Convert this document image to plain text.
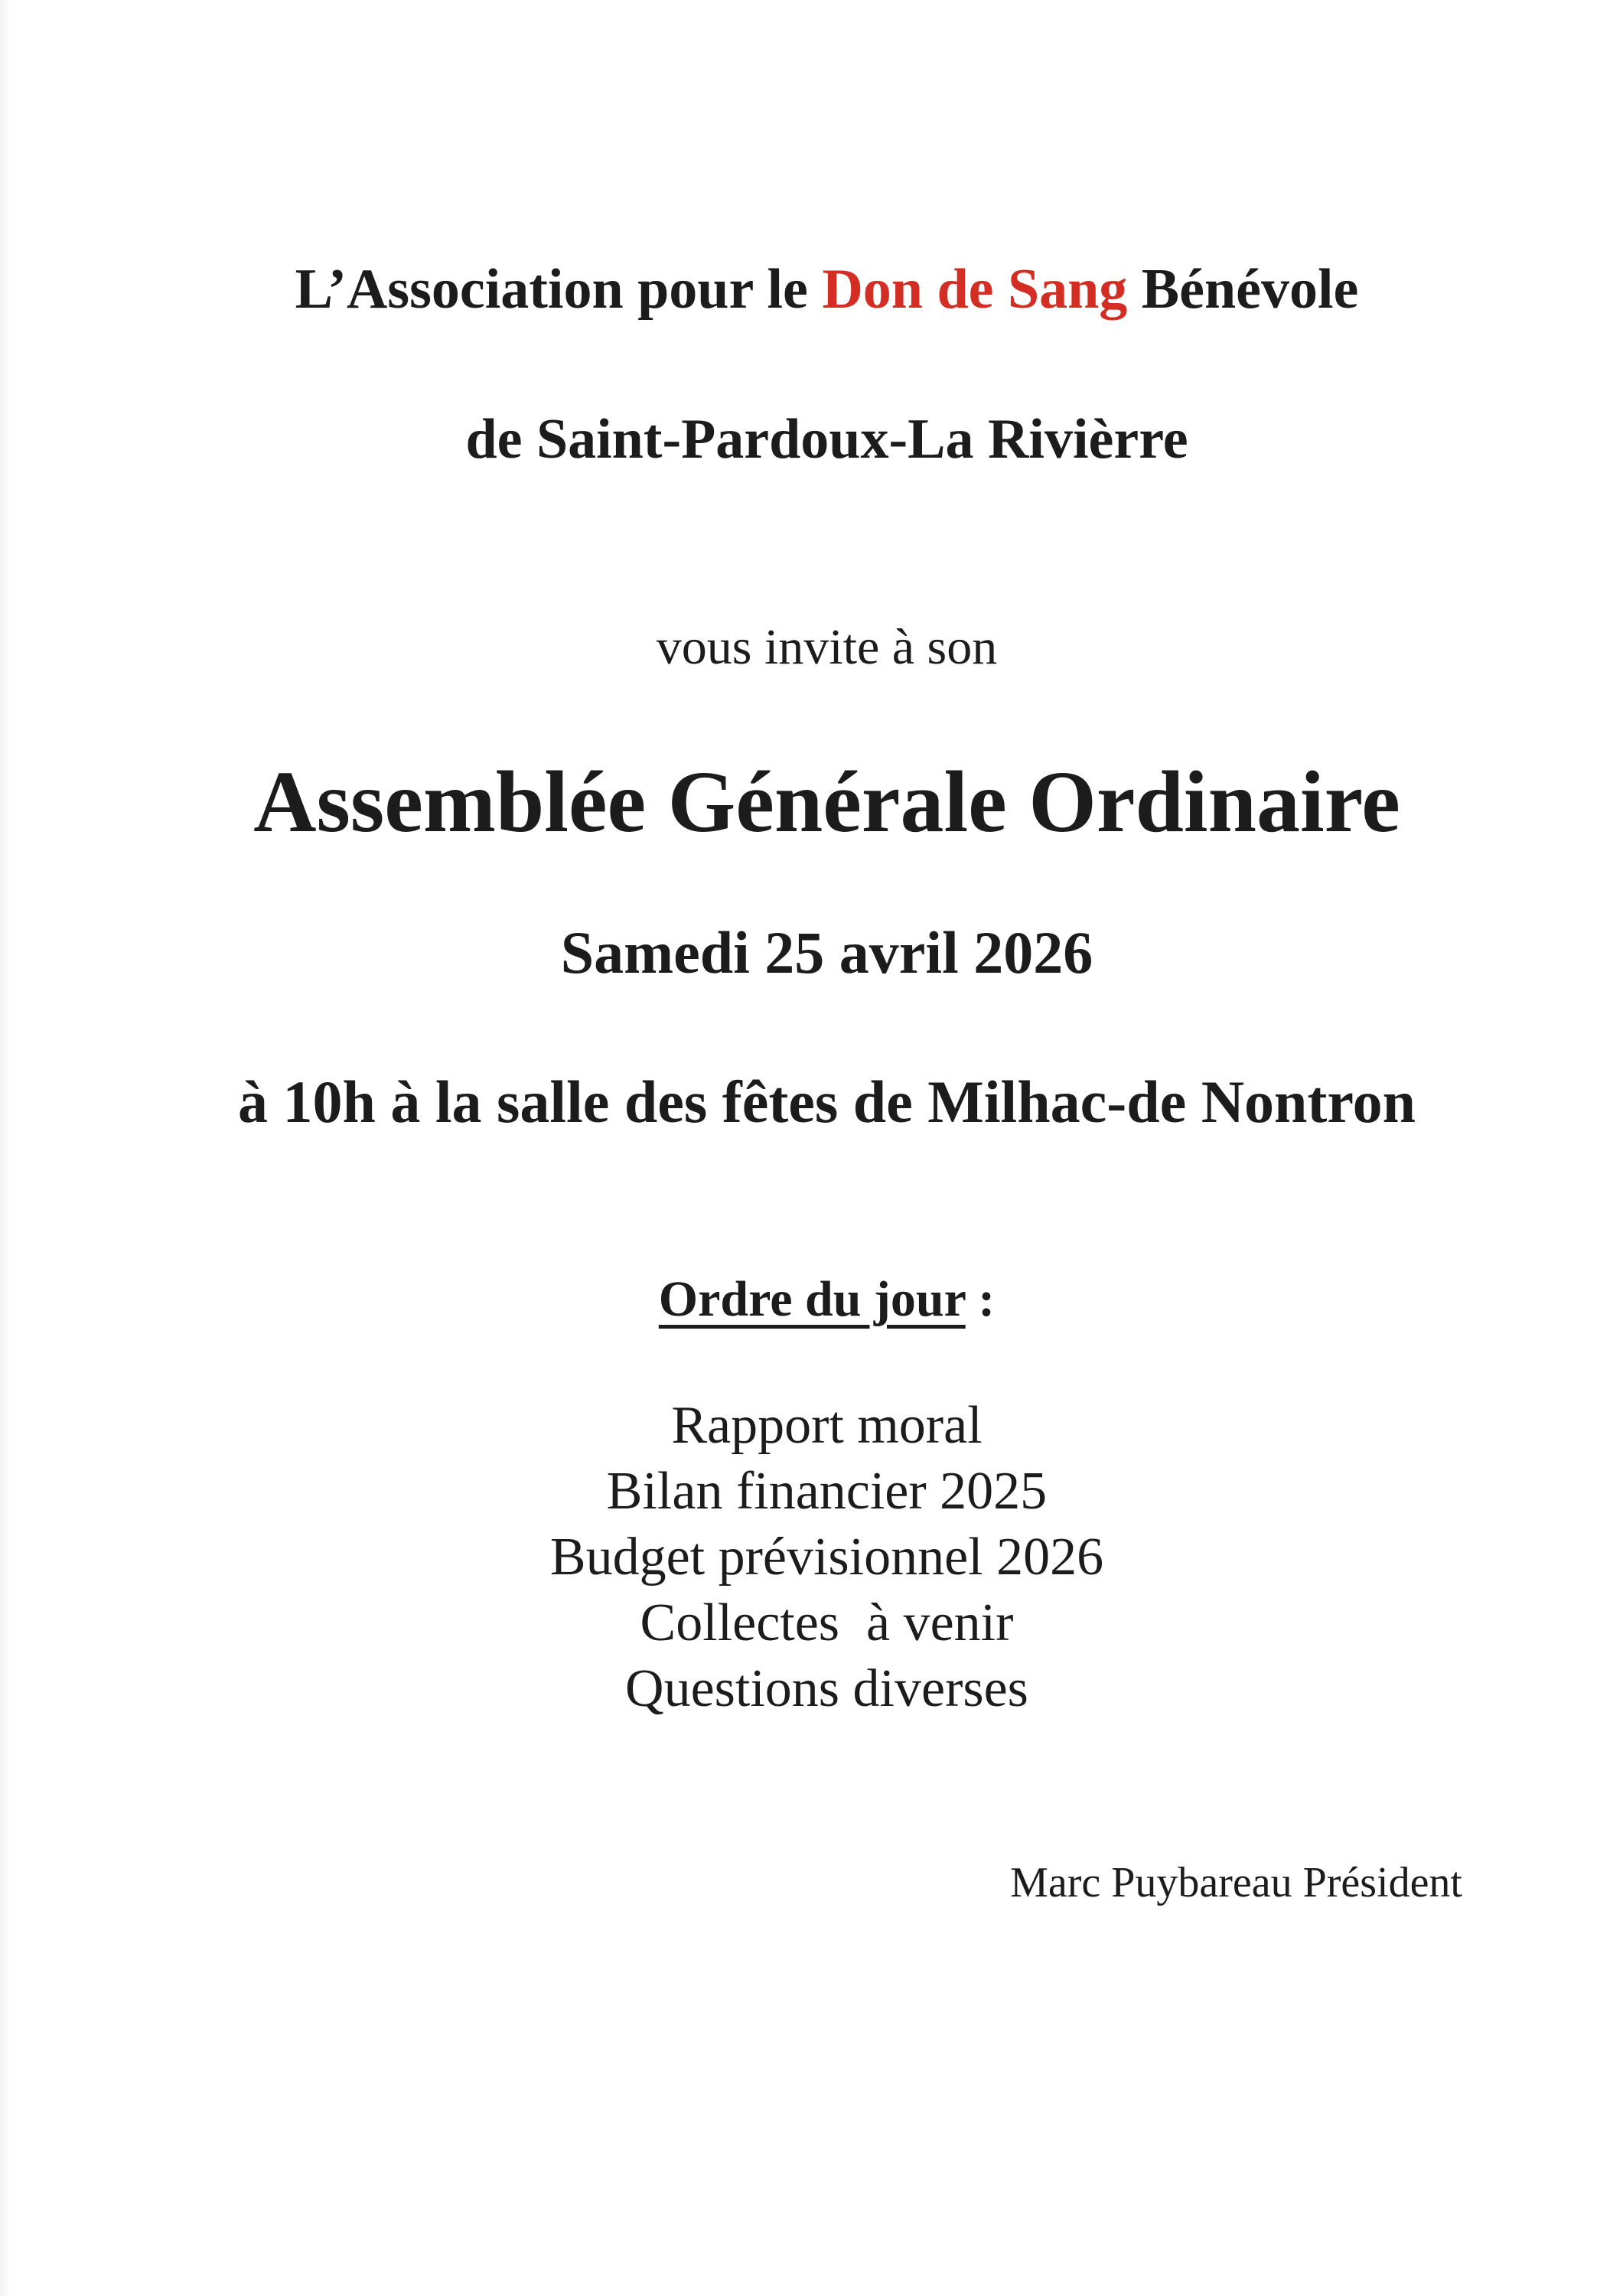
L’Association pour le Don de Sang Bénévole

de Saint-Pardoux-La Rivièrre

vous invite à son

Assemblée Générale Ordinaire

Samedi 25 avril 2026

à 10h à la salle des fêtes de Milhac-de Nontron

Ordre du jour :

Rapport moral
Bilan financier 2025
Budget prévisionnel 2026
Collectes  à venir
Questions diverses

Marc Puybareau Président
